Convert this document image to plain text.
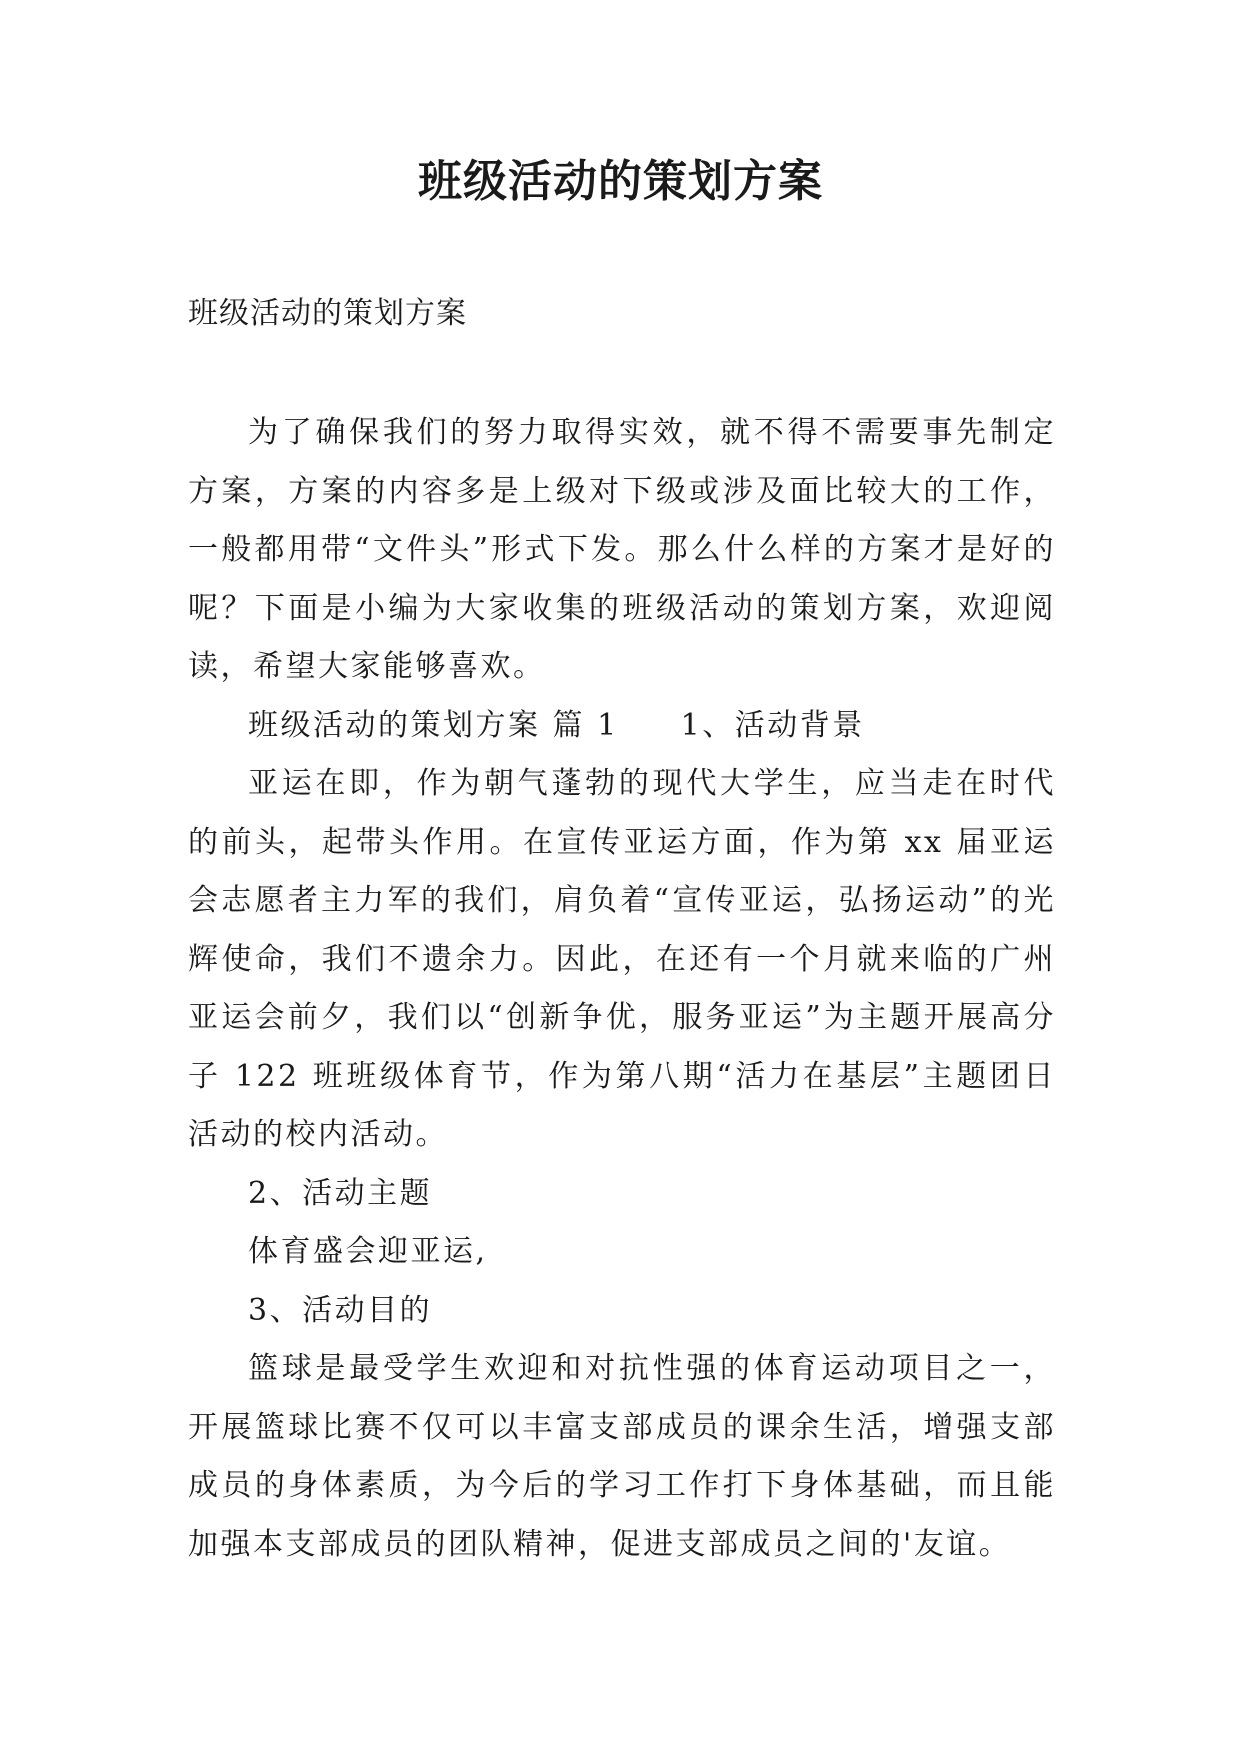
班级活动的策划方案
班级活动的策划方案

为了确保我们的努力取得实效，就不得不需要事先制定方案，方案的内容多是上级对下级或涉及面比较大的工作，一般都用带“文件头”形式下发。那么什么样的方案才是好的呢？下面是小编为大家收集的班级活动的策划方案，欢迎阅读，希望大家能够喜欢。

班级活动的策划方案 篇 1 1、活动背景

亚运在即，作为朝气蓬勃的现代大学生，应当走在时代的前头，起带头作用。在宣传亚运方面，作为第 xx 届亚运会志愿者主力军的我们，肩负着“宣传亚运，弘扬运动”的光辉使命，我们不遗余力。因此，在还有一个月就来临的广州亚运会前夕，我们以“创新争优，服务亚运”为主题开展高分子 122 班班级体育节，作为第八期“活力在基层”主题团日活动的校内活动。

2、活动主题

体育盛会迎亚运,

3、活动目的

篮球是最受学生欢迎和对抗性强的体育运动项目之一，开展篮球比赛不仅可以丰富支部成员的课余生活，增强支部成员的身体素质，为今后的学习工作打下身体基础，而且能加强本支部成员的团队精神，促进支部成员之间的'友谊。
